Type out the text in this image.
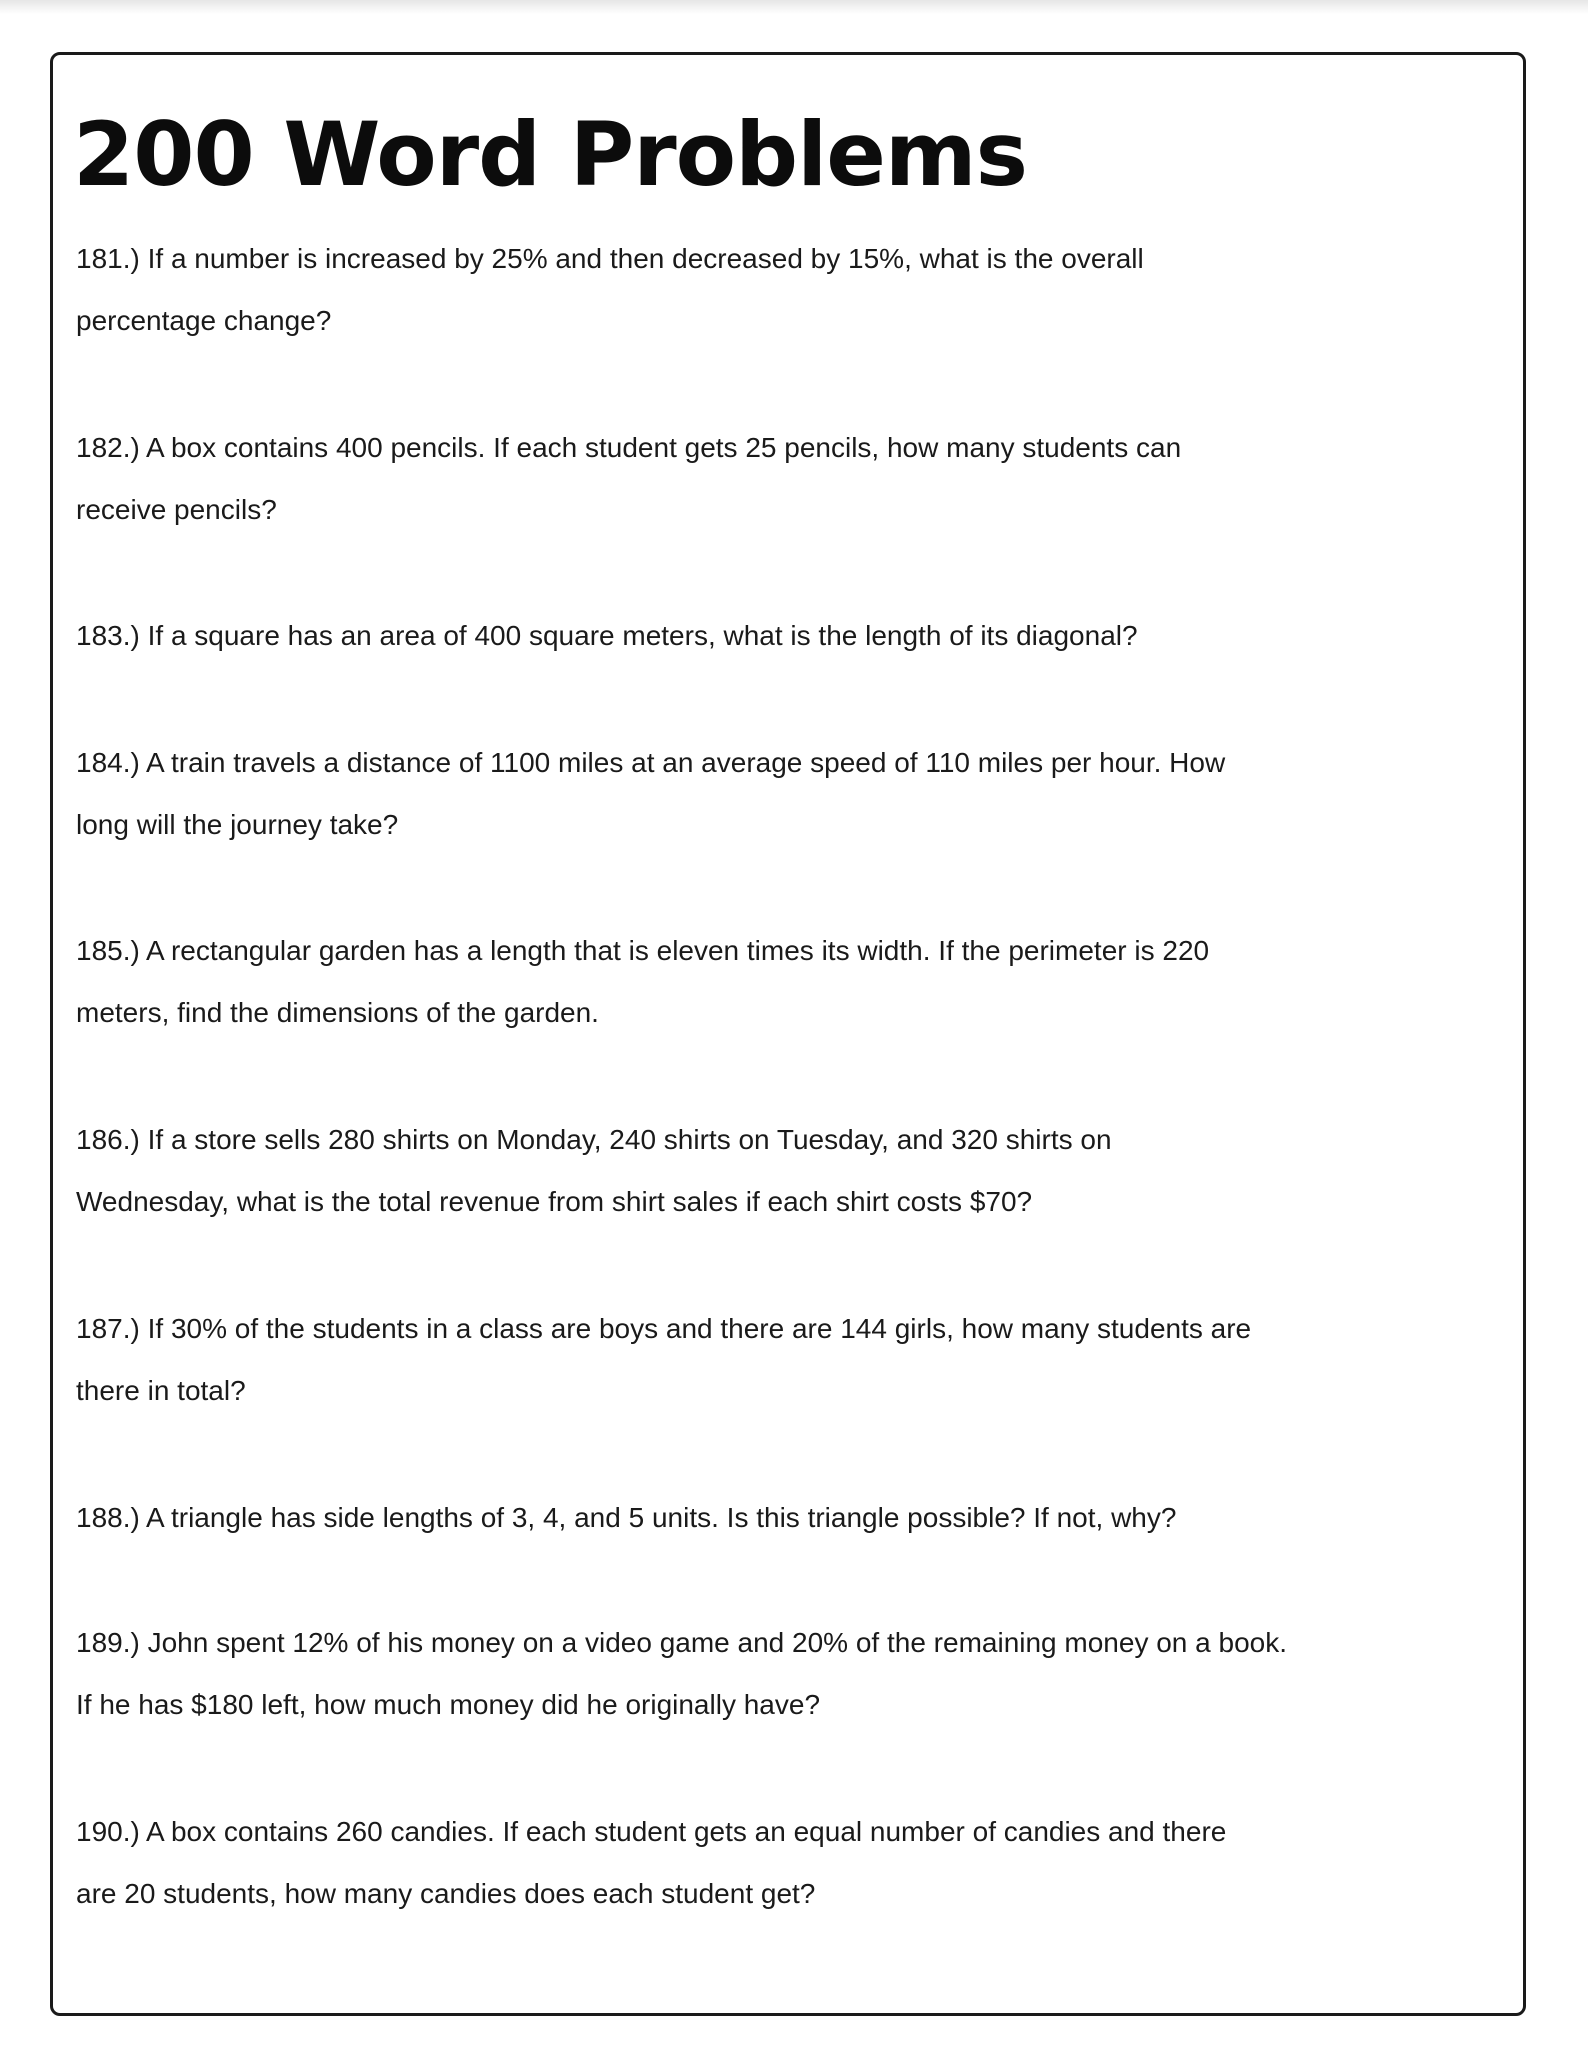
200 Word Problems
181.) If a number is increased by 25% and then decreased by 15%, what is the overall
percentage change?
182.) A box contains 400 pencils. If each student gets 25 pencils, how many students can
receive pencils?
183.) If a square has an area of 400 square meters, what is the length of its diagonal?
184.) A train travels a distance of 1100 miles at an average speed of 110 miles per hour. How
long will the journey take?
185.) A rectangular garden has a length that is eleven times its width. If the perimeter is 220
meters, find the dimensions of the garden.
186.) If a store sells 280 shirts on Monday, 240 shirts on Tuesday, and 320 shirts on
Wednesday, what is the total revenue from shirt sales if each shirt costs $70?
187.) If 30% of the students in a class are boys and there are 144 girls, how many students are
there in total?
188.) A triangle has side lengths of 3, 4, and 5 units. Is this triangle possible? If not, why?
189.) John spent 12% of his money on a video game and 20% of the remaining money on a book.
If he has $180 left, how much money did he originally have?
190.) A box contains 260 candies. If each student gets an equal number of candies and there
are 20 students, how many candies does each student get?
